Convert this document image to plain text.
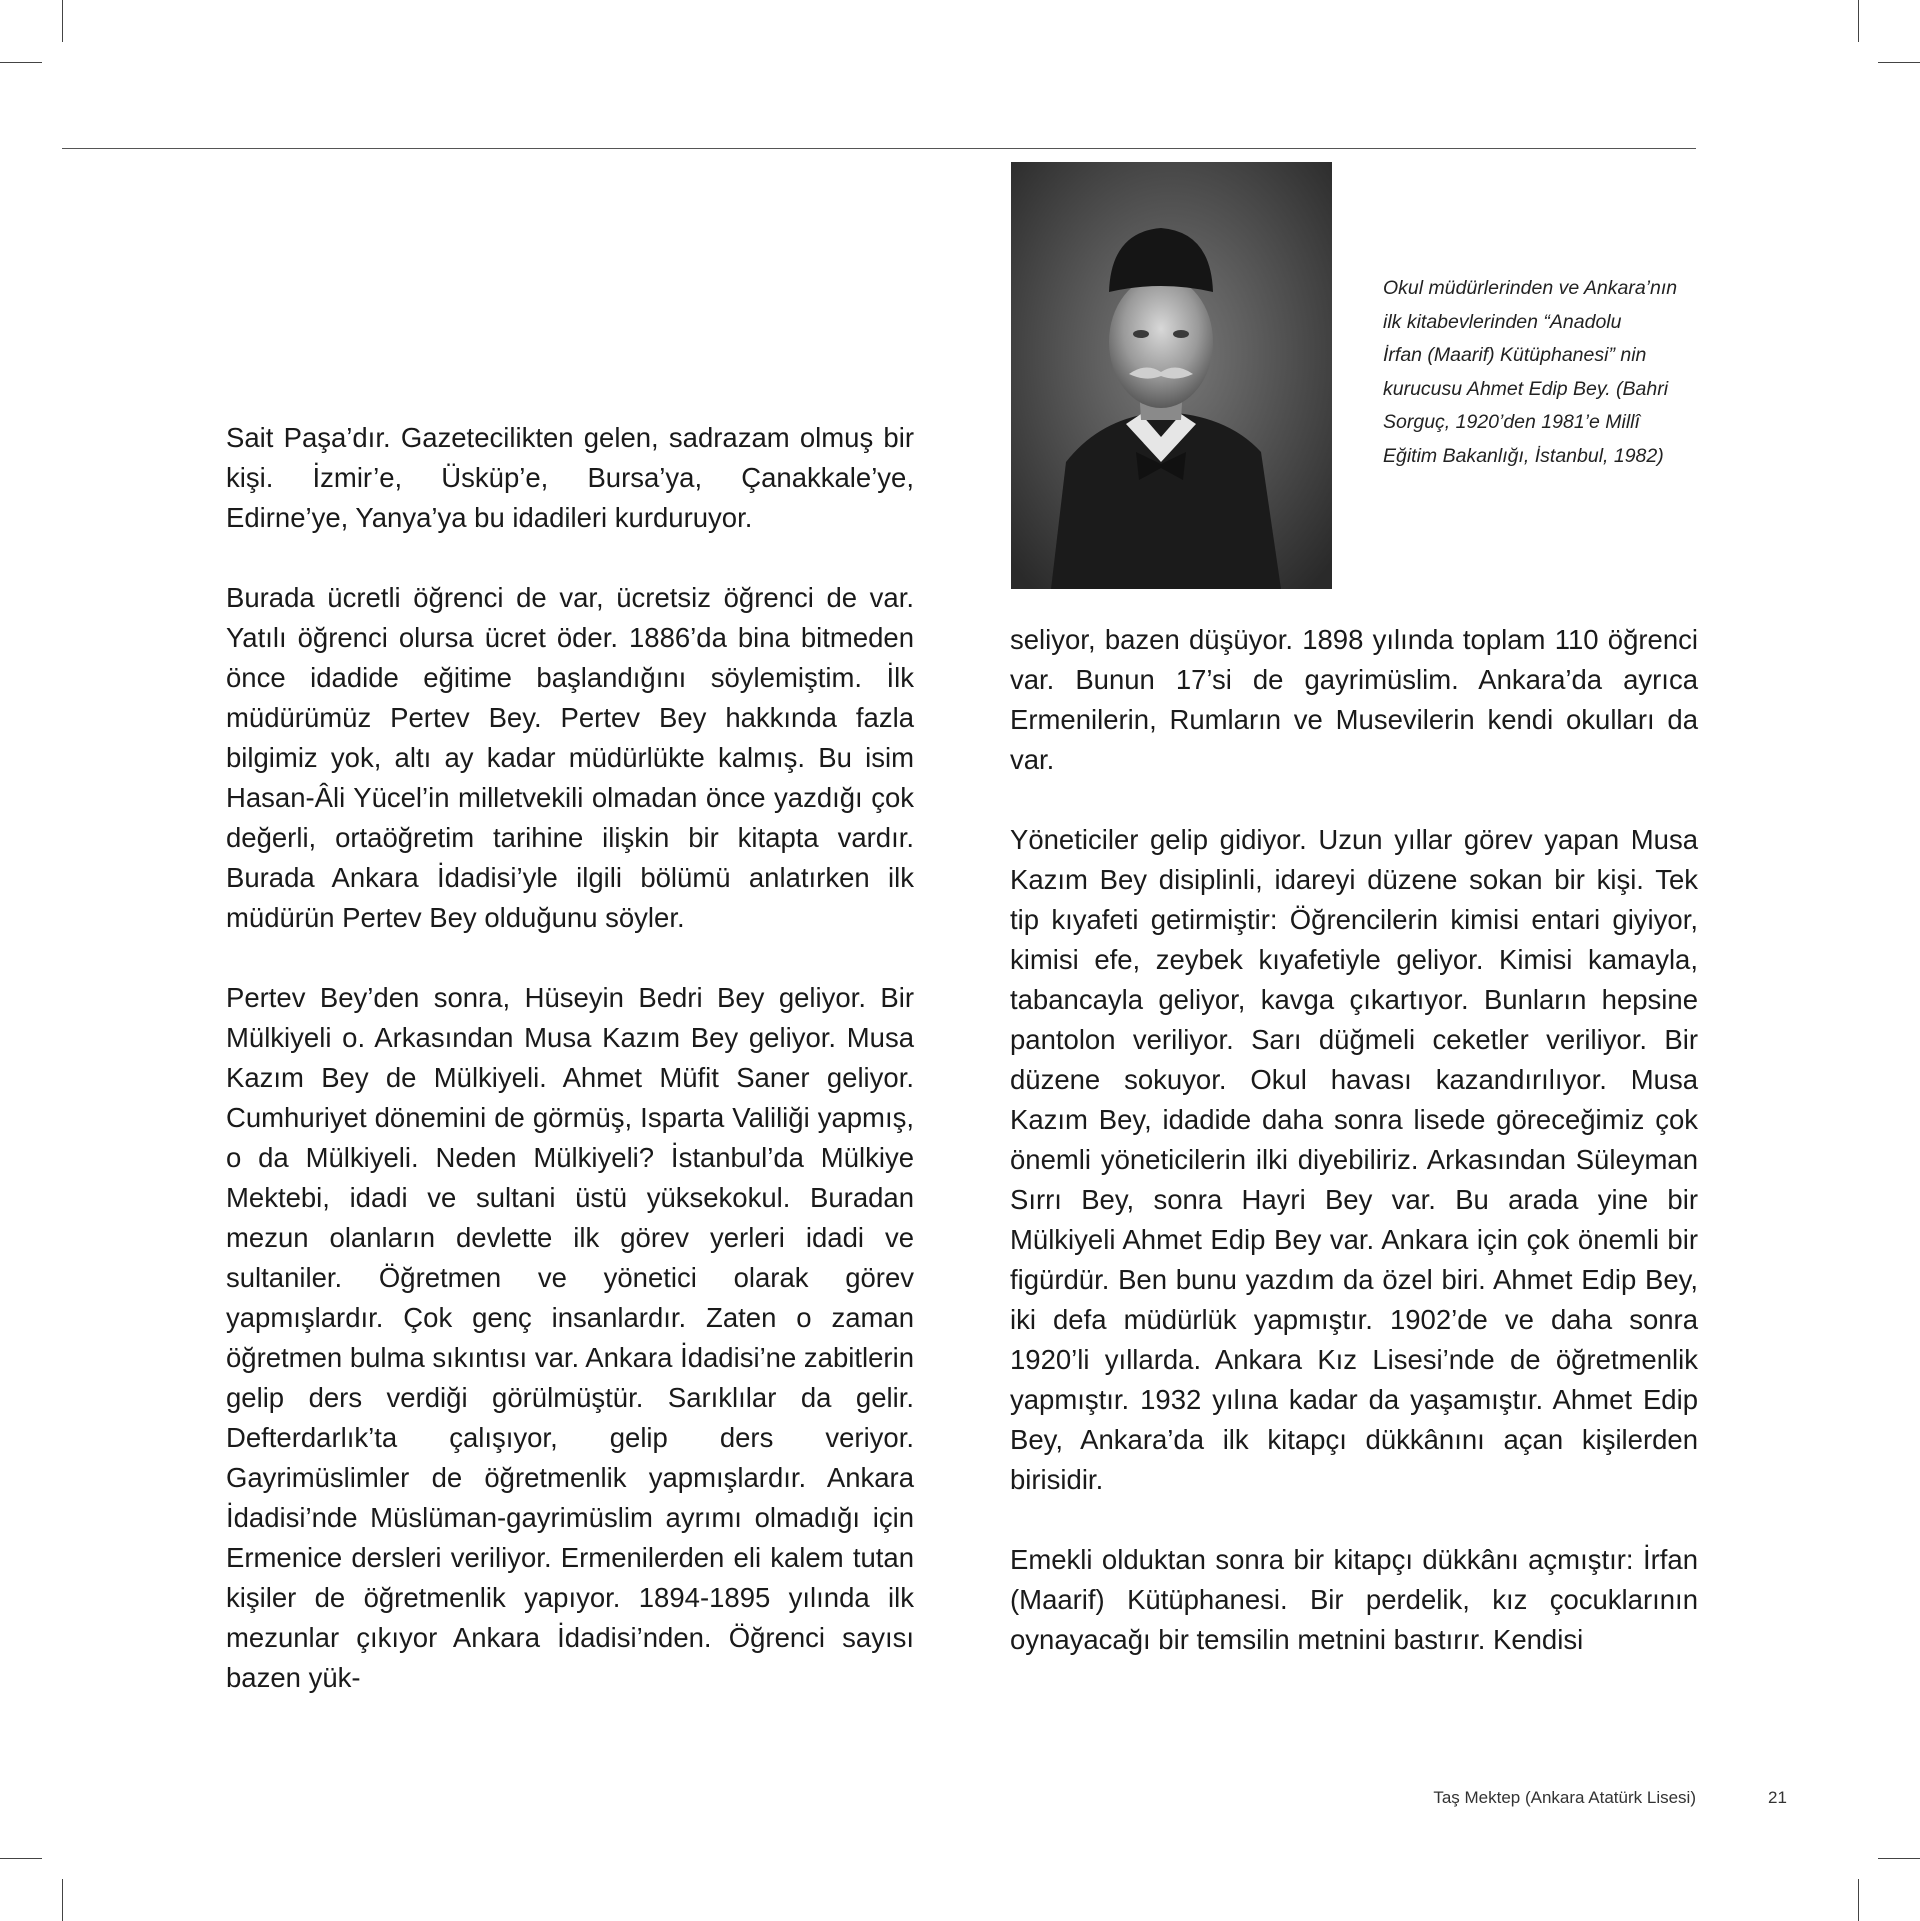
Okul müdürlerinden ve Ankara’nın
ilk kitabevlerinden “Anadolu
İrfan (Maarif) Kütüphanesi” nin
kurucusu Ahmet Edip Bey. (Bahri
Sorguç, 1920’den 1981’e Millî
Eğitim Bakanlığı, İstanbul, 1982)

Sait Paşa’dır. Gazetecilikten gelen, sadrazam olmuş bir kişi. İzmir’e, Üsküp’e, Bursa’ya, Çanakkale’ye, Edirne’ye, Yanya’ya bu idadileri kurduruyor.

Burada ücretli öğrenci de var, ücretsiz öğrenci de var. Yatılı öğrenci olursa ücret öder. 1886’da bina bitmeden önce idadide eğitime başlandığını söylemiştim. İlk müdürümüz Pertev Bey. Pertev Bey hakkında fazla bilgimiz yok, altı ay kadar müdürlükte kalmış. Bu isim Hasan-Âli Yücel’in milletvekili olmadan önce yazdığı çok değerli, ortaöğretim tarihine ilişkin bir kitapta vardır. Burada Ankara İdadisi’yle ilgili bölümü anlatırken ilk müdürün Pertev Bey olduğunu söyler.

Pertev Bey’den sonra, Hüseyin Bedri Bey geliyor. Bir Mülkiyeli o. Arkasından Musa Kazım Bey geliyor. Musa Kazım Bey de Mülkiyeli. Ahmet Müfit Saner geliyor. Cumhuriyet dönemini de görmüş, Isparta Valiliği yapmış, o da Mülkiyeli. Neden Mülkiyeli? İstanbul’da Mülkiye Mektebi, idadi ve sultani üstü yüksekokul. Buradan mezun olanların devlette ilk görev yerleri idadi ve sultaniler. Öğretmen ve yönetici olarak görev yapmışlardır. Çok genç insanlardır. Zaten o zaman öğretmen bulma sıkıntısı var. Ankara İdadisi’ne zabitlerin gelip ders verdiği görülmüştür. Sarıklılar da gelir. Defterdarlık’ta çalışıyor, gelip ders veriyor. Gayrimüslimler de öğretmenlik yapmışlardır. Ankara İdadisi’nde Müslüman-gayrimüslim ayrımı olmadığı için Ermenice dersleri veriliyor. Ermenilerden eli kalem tutan kişiler de öğretmenlik yapıyor. 1894-1895 yılında ilk mezunlar çıkıyor Ankara İdadisi’nden. Öğrenci sayısı bazen yük-

seliyor, bazen düşüyor. 1898 yılında toplam 110 öğrenci var. Bunun 17’si de gayrimüslim. Ankara’da ayrıca Ermenilerin, Rumların ve Musevilerin kendi okulları da var.

Yöneticiler gelip gidiyor. Uzun yıllar görev yapan Musa Kazım Bey disiplinli, idareyi düzene sokan bir kişi. Tek tip kıyafeti getirmiştir: Öğrencilerin kimisi entari giyiyor, kimisi efe, zeybek kıyafetiyle geliyor. Kimisi kamayla, tabancayla geliyor, kavga çıkartıyor. Bunların hepsine pantolon veriliyor. Sarı düğmeli ceketler veriliyor. Bir düzene sokuyor. Okul havası kazandırılıyor. Musa Kazım Bey, idadide daha sonra lisede göreceğimiz çok önemli yöneticilerin ilki diyebiliriz. Arkasından Süleyman Sırrı Bey, sonra Hayri Bey var. Bu arada yine bir Mülkiyeli Ahmet Edip Bey var. Ankara için çok önemli bir figürdür. Ben bunu yazdım da özel biri. Ahmet Edip Bey, iki defa müdürlük yapmıştır. 1902’de ve daha sonra 1920’li yıllarda. Ankara Kız Lisesi’nde de öğretmenlik yapmıştır. 1932 yılına kadar da yaşamıştır. Ahmet Edip Bey, Ankara’da ilk kitapçı dükkânını açan kişilerden birisidir.

Emekli olduktan sonra bir kitapçı dükkânı açmıştır: İrfan (Maarif) Kütüphanesi. Bir perdelik, kız çocuklarının oynayacağı bir temsilin metnini bastırır. Kendisi

Taş Mektep (Ankara Atatürk Lisesi)	21
